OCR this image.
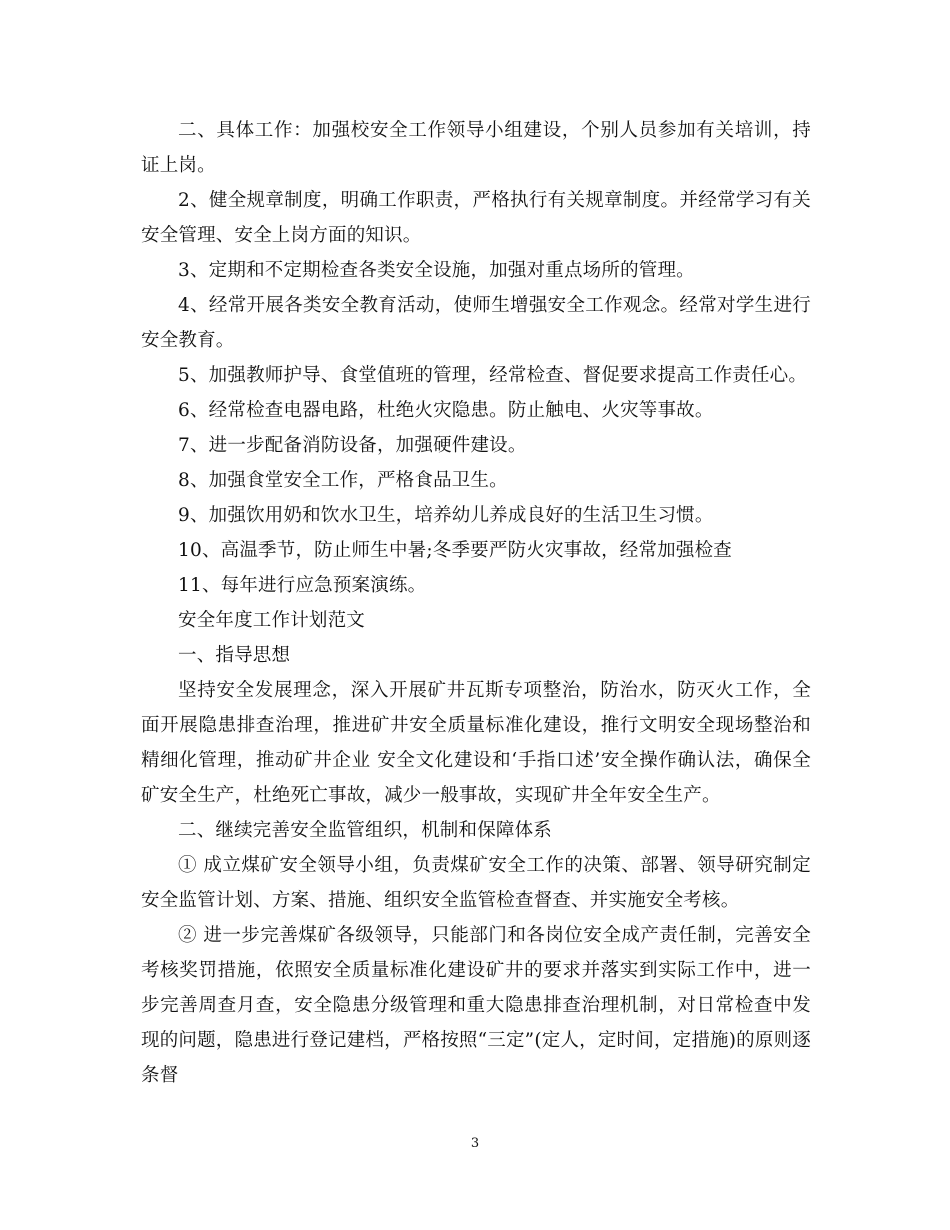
二、具体工作：加强校安全工作领导小组建设，个别人员参加有关培训，持证上岗。

2、健全规章制度，明确工作职责，严格执行有关规章制度。并经常学习有关安全管理、安全上岗方面的知识。

3、定期和不定期检查各类安全设施，加强对重点场所的管理。

4、经常开展各类安全教育活动，使师生增强安全工作观念。经常对学生进行安全教育。

5、加强教师护导、食堂值班的管理，经常检查、督促要求提高工作责任心。

6、经常检查电器电路，杜绝火灾隐患。防止触电、火灾等事故。

7、进一步配备消防设备，加强硬件建设。

8、加强食堂安全工作，严格食品卫生。

9、加强饮用奶和饮水卫生，培养幼儿养成良好的生活卫生习惯。

10、高温季节，防止师生中暑;冬季要严防火灾事故，经常加强检查

11、每年进行应急预案演练。

安全年度工作计划范文

一、指导思想

坚持安全发展理念，深入开展矿井瓦斯专项整治，防治水，防灭火工作，全面开展隐患排查治理，推进矿井安全质量标准化建设，推行文明安全现场整治和精细化管理，推动矿井企业 安全文化建设和‘手指口述’安全操作确认法，确保全矿安全生产，杜绝死亡事故，减少一般事故，实现矿井全年安全生产。

二、继续完善安全监管组织，机制和保障体系

① 成立煤矿安全领导小组，负责煤矿安全工作的决策、部署、领导研究制定安全监管计划、方案、措施、组织安全监管检查督查、并实施安全考核。

② 进一步完善煤矿各级领导，只能部门和各岗位安全成产责任制，完善安全考核奖罚措施，依照安全质量标准化建设矿井的要求并落实到实际工作中，进一步完善周查月查，安全隐患分级管理和重大隐患排查治理机制，对日常检查中发现的问题，隐患进行登记建档，严格按照“三定”(定人，定时间，定措施)的原则逐条督

3
